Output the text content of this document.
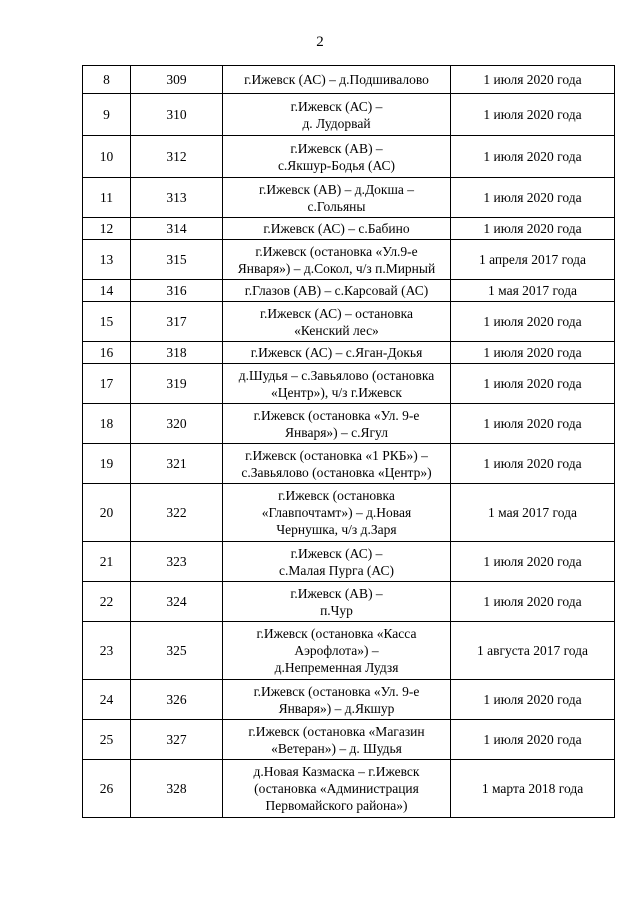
2
8	309	г.Ижевск (АС) – д.Подшивалово	1 июля 2020 года
9	310	г.Ижевск (АС) –
д. Лудорвай	1 июля 2020 года
10	312	г.Ижевск (АВ) –
с.Якшур-Бодья (АС)	1 июля 2020 года
11	313	г.Ижевск (АВ) – д.Докша –
с.Гольяны	1 июля 2020 года
12	314	г.Ижевск (АС) – с.Бабино	1 июля 2020 года
13	315	г.Ижевск (остановка «Ул.9-е
Января») – д.Сокол, ч/з п.Мирный	1 апреля 2017 года
14	316	г.Глазов (АВ) – с.Карсовай (АС)	1 мая 2017 года
15	317	г.Ижевск (АС) – остановка
«Кенский лес»	1 июля 2020 года
16	318	г.Ижевск (АС) – с.Яган-Докья	1 июля 2020 года
17	319	д.Шудья – с.Завьялово (остановка
«Центр»), ч/з г.Ижевск	1 июля 2020 года
18	320	г.Ижевск (остановка «Ул. 9-е
Января») – с.Ягул	1 июля 2020 года
19	321	г.Ижевск (остановка «1 РКБ») –
с.Завьялово (остановка «Центр»)	1 июля 2020 года
20	322	г.Ижевск (остановка
«Главпочтамт») – д.Новая
Чернушка, ч/з д.Заря	1 мая 2017 года
21	323	г.Ижевск (АС) –
с.Малая Пурга (АС)	1 июля 2020 года
22	324	г.Ижевск (АВ) –
п.Чур	1 июля 2020 года
23	325	г.Ижевск (остановка «Касса
Аэрофлота») –
д.Непременная Лудзя	1 августа 2017 года
24	326	г.Ижевск (остановка «Ул. 9-е
Января») – д.Якшур	1 июля 2020 года
25	327	г.Ижевск (остановка «Магазин
«Ветеран») – д. Шудья	1 июля 2020 года
26	328	д.Новая Казмаска – г.Ижевск
(остановка «Администрация
Первомайского района»)	1 марта 2018 года
